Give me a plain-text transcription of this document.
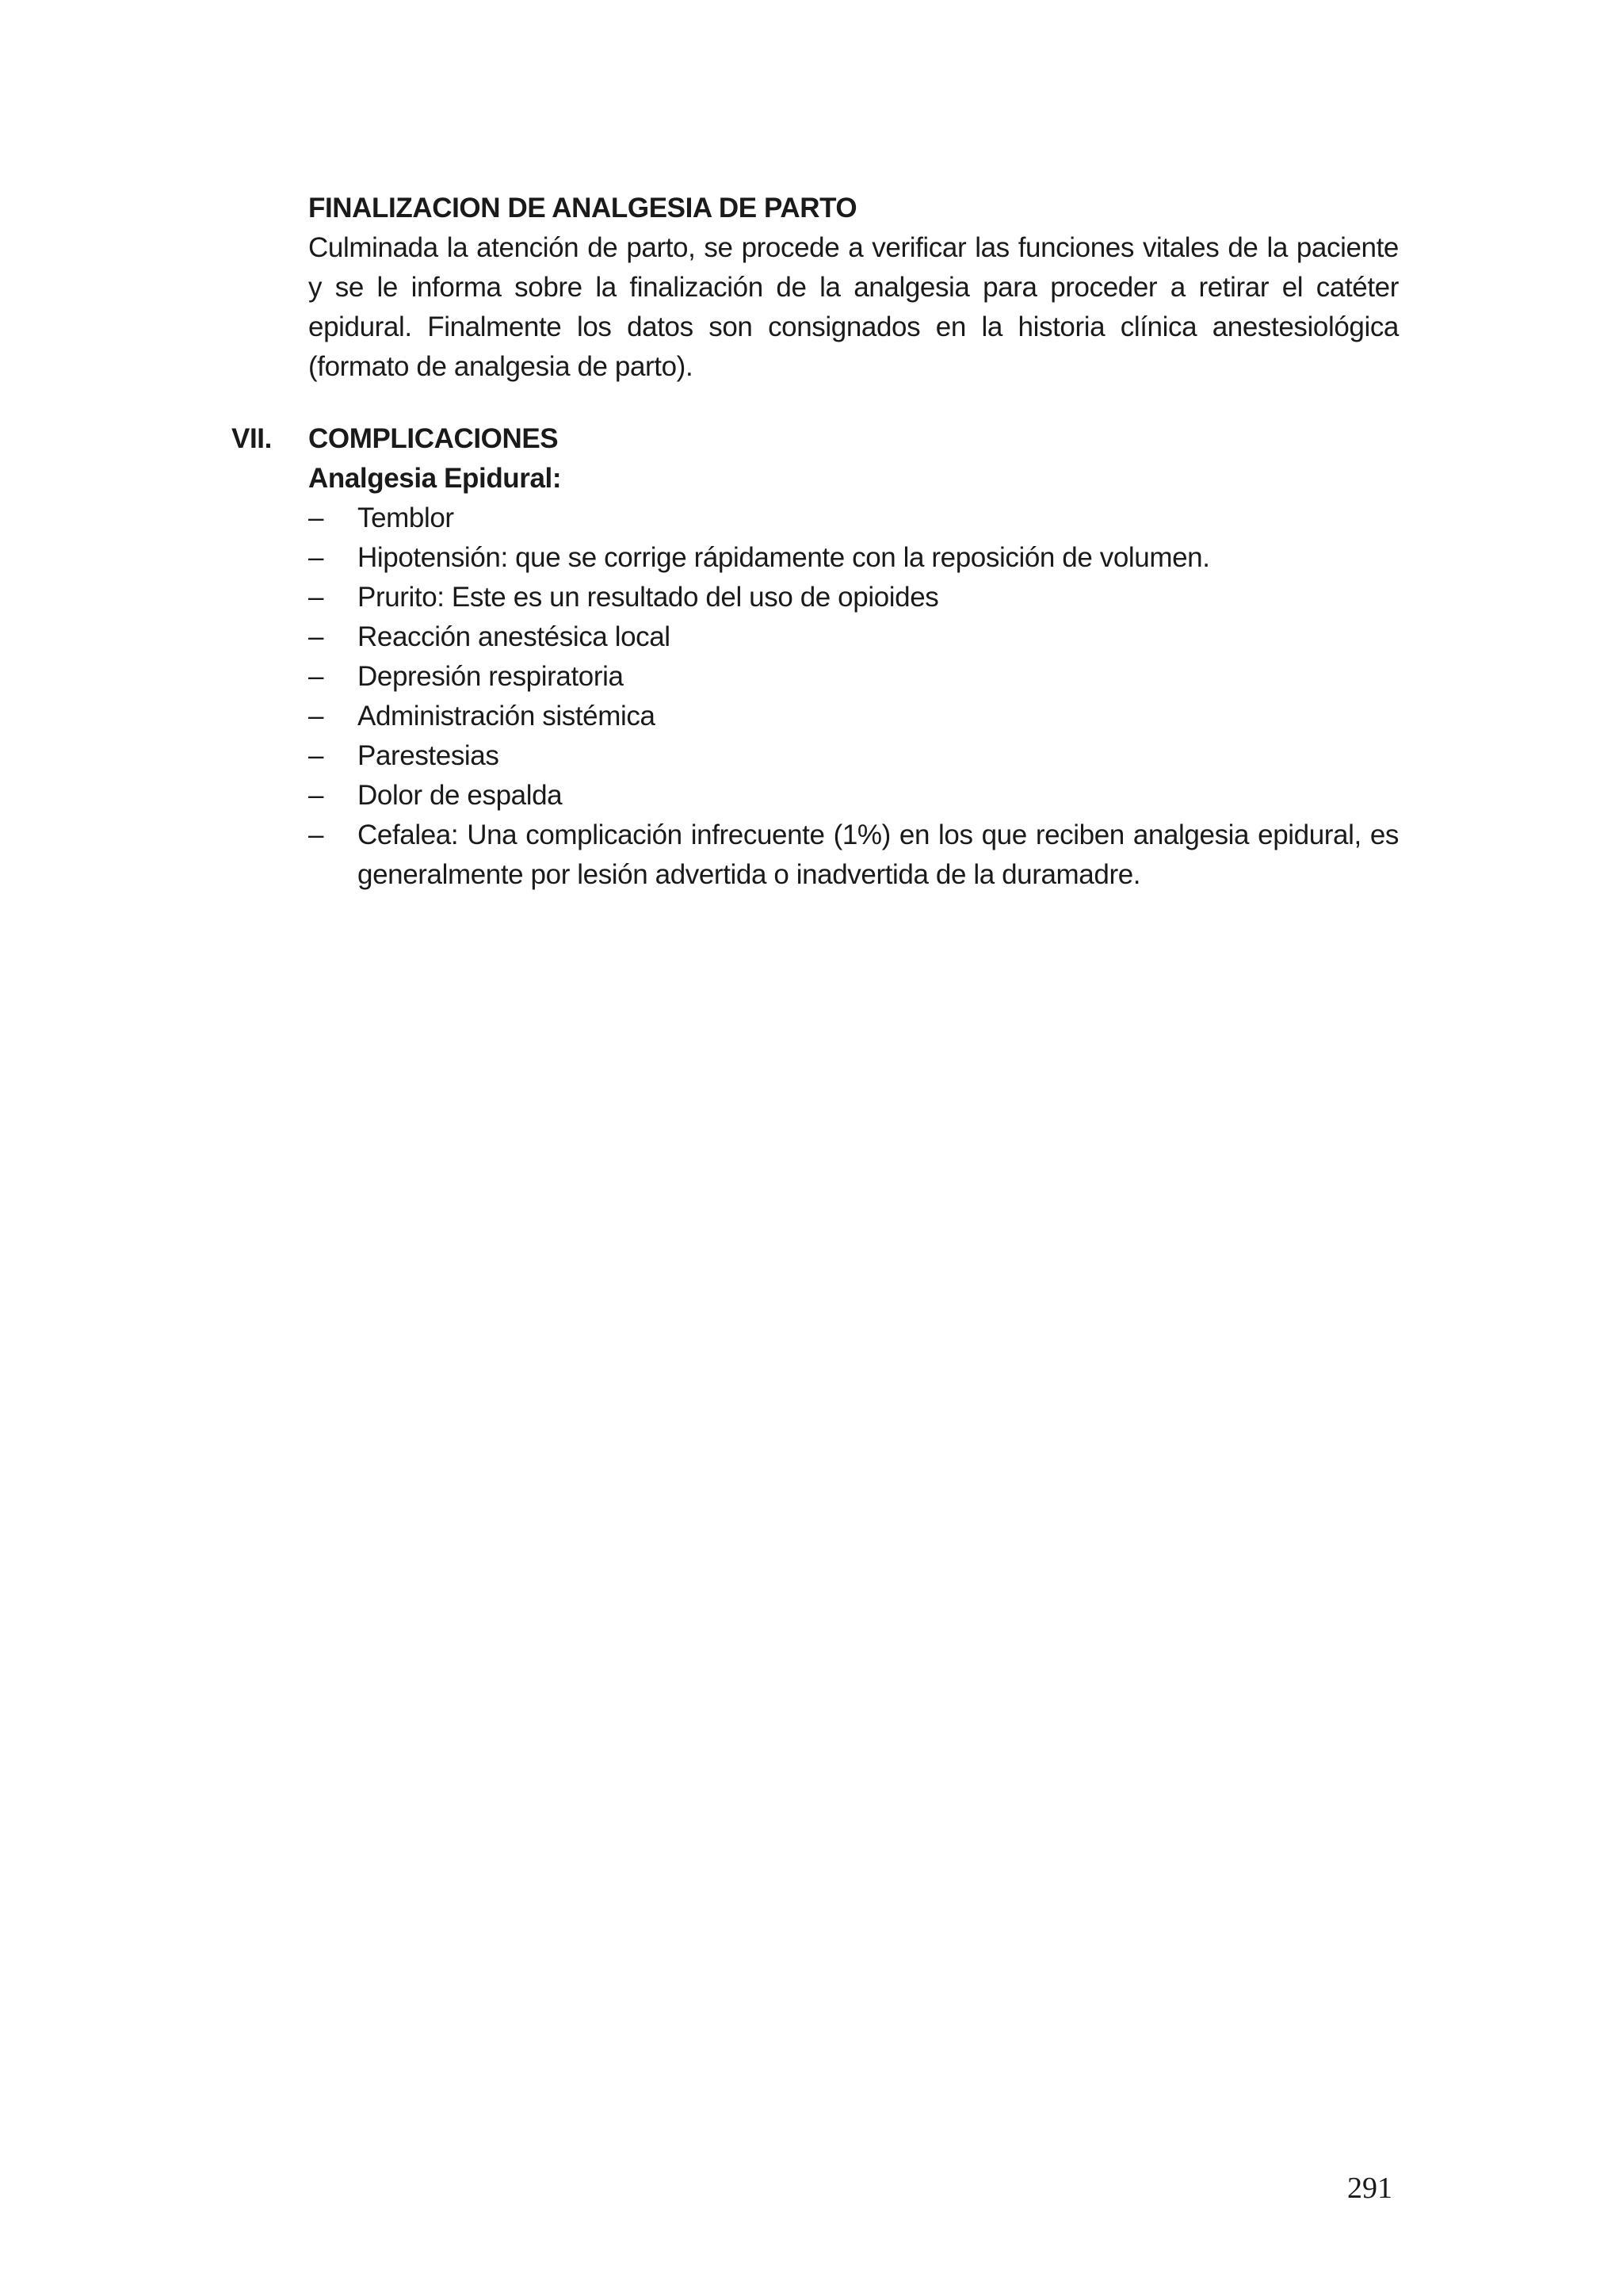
FINALIZACION DE ANALGESIA DE PARTO

Culminada la atención de parto, se procede a verificar las funciones vitales de la paciente y se le informa sobre la finalización de la analgesia para proceder a retirar el catéter epidural. Finalmente los datos son consignados en la historia clínica anestesiológica (formato de analgesia de parto).

VII. COMPLICACIONES

Analgesia Epidural:

– Temblor
– Hipotensión: que se corrige rápidamente con la reposición de volumen.
– Prurito: Este es un resultado del uso de opioides
– Reacción anestésica local
– Depresión respiratoria
– Administración sistémica
– Parestesias
– Dolor de espalda
– Cefalea: Una complicación infrecuente (1%) en los que reciben analgesia epidural, es generalmente por lesión advertida o inadvertida de la duramadre.
291
